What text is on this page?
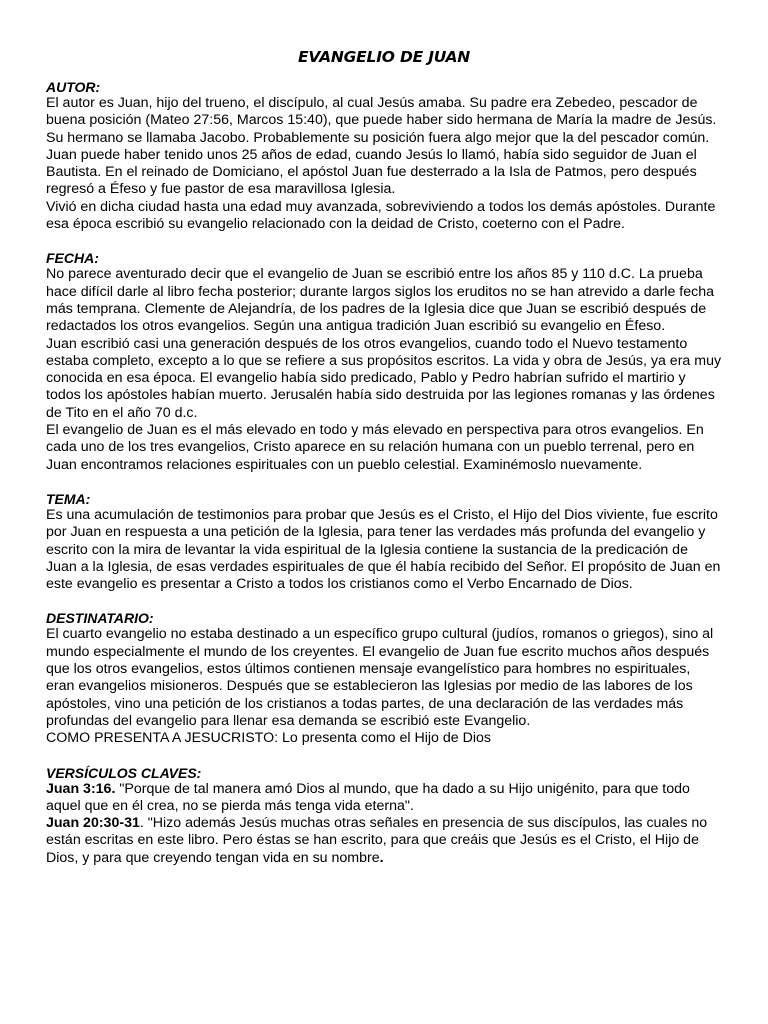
EVANGELIO DE JUAN

AUTOR:

El autor es Juan, hijo del trueno, el discípulo, al cual Jesús amaba. Su padre era Zebedeo, pescador de buena posición (Mateo 27:56, Marcos 15:40), que puede haber sido hermana de María la madre de Jesús. Su hermano se llamaba Jacobo. Probablemente su posición fuera algo mejor que la del pescador común.

Juan puede haber tenido unos 25 años de edad, cuando Jesús lo llamó, había sido seguidor de Juan el Bautista. En el reinado de Domiciano, el apóstol Juan fue desterrado a la Isla de Patmos, pero después regresó a Éfeso y fue pastor de esa maravillosa Iglesia.

Vivió en dicha ciudad hasta una edad muy avanzada, sobreviviendo a todos los demás apóstoles. Durante esa época escribió su evangelio relacionado con la deidad de Cristo, coeterno con el Padre.

FECHA:

No parece aventurado decir que el evangelio de Juan se escribió entre los años 85 y 110 d.C. La prueba hace difícil darle al libro fecha posterior; durante largos siglos los eruditos no se han atrevido a darle fecha más temprana. Clemente de Alejandría, de los padres de la Iglesia dice que Juan se escribió después de redactados los otros evangelios. Según una antigua tradición Juan escribió su evangelio en Éfeso.

Juan escribió casi una generación después de los otros evangelios, cuando todo el Nuevo testamento estaba completo, excepto a lo que se refiere a sus propósitos escritos. La vida y obra de Jesús, ya era muy conocida en esa época. El evangelio había sido predicado, Pablo y Pedro habrían sufrido el martirio y todos los apóstoles habían muerto. Jerusalén había sido destruida por las legiones romanas y las órdenes de Tito en el año 70 d.c.

El evangelio de Juan es el más elevado en todo y más elevado en perspectiva para otros evangelios. En cada uno de los tres evangelios, Cristo aparece en su relación humana con un pueblo terrenal, pero en Juan encontramos relaciones espirituales con un pueblo celestial. Examinémoslo nuevamente.

TEMA:

Es una acumulación de testimonios para probar que Jesús es el Cristo, el Hijo del Dios viviente, fue escrito por Juan en respuesta a una petición de la Iglesia, para tener las verdades más profunda del evangelio y escrito con la mira de levantar la vida espiritual de la Iglesia contiene la sustancia de la predicación de Juan a la Iglesia, de esas verdades espirituales de que él había recibido del Señor. El propósito de Juan en este evangelio es presentar a Cristo a todos los cristianos como el Verbo Encarnado de Dios.

DESTINATARIO:

El cuarto evangelio no estaba destinado a un específico grupo cultural (judíos, romanos o griegos), sino al mundo especialmente el mundo de los creyentes. El evangelio de Juan fue escrito muchos años después que los otros evangelios, estos últimos contienen mensaje evangelístico para hombres no espirituales, eran evangelios misioneros. Después que se establecieron las Iglesias por medio de las labores de los apóstoles, vino una petición de los cristianos a todas partes, de una declaración de las verdades más profundas del evangelio para llenar esa demanda se escribió este Evangelio.

COMO PRESENTA A JESUCRISTO: Lo presenta como el Hijo de Dios

VERSÍCULOS CLAVES:

Juan 3:16. "Porque de tal manera amó Dios al mundo, que ha dado a su Hijo unigénito, para que todo aquel que en él crea, no se pierda más tenga vida eterna".

Juan 20:30-31. "Hizo además Jesús muchas otras señales en presencia de sus discípulos, las cuales no están escritas en este libro. Pero éstas se han escrito, para que creáis que Jesús es el Cristo, el Hijo de Dios, y para que creyendo tengan vida en su nombre.
